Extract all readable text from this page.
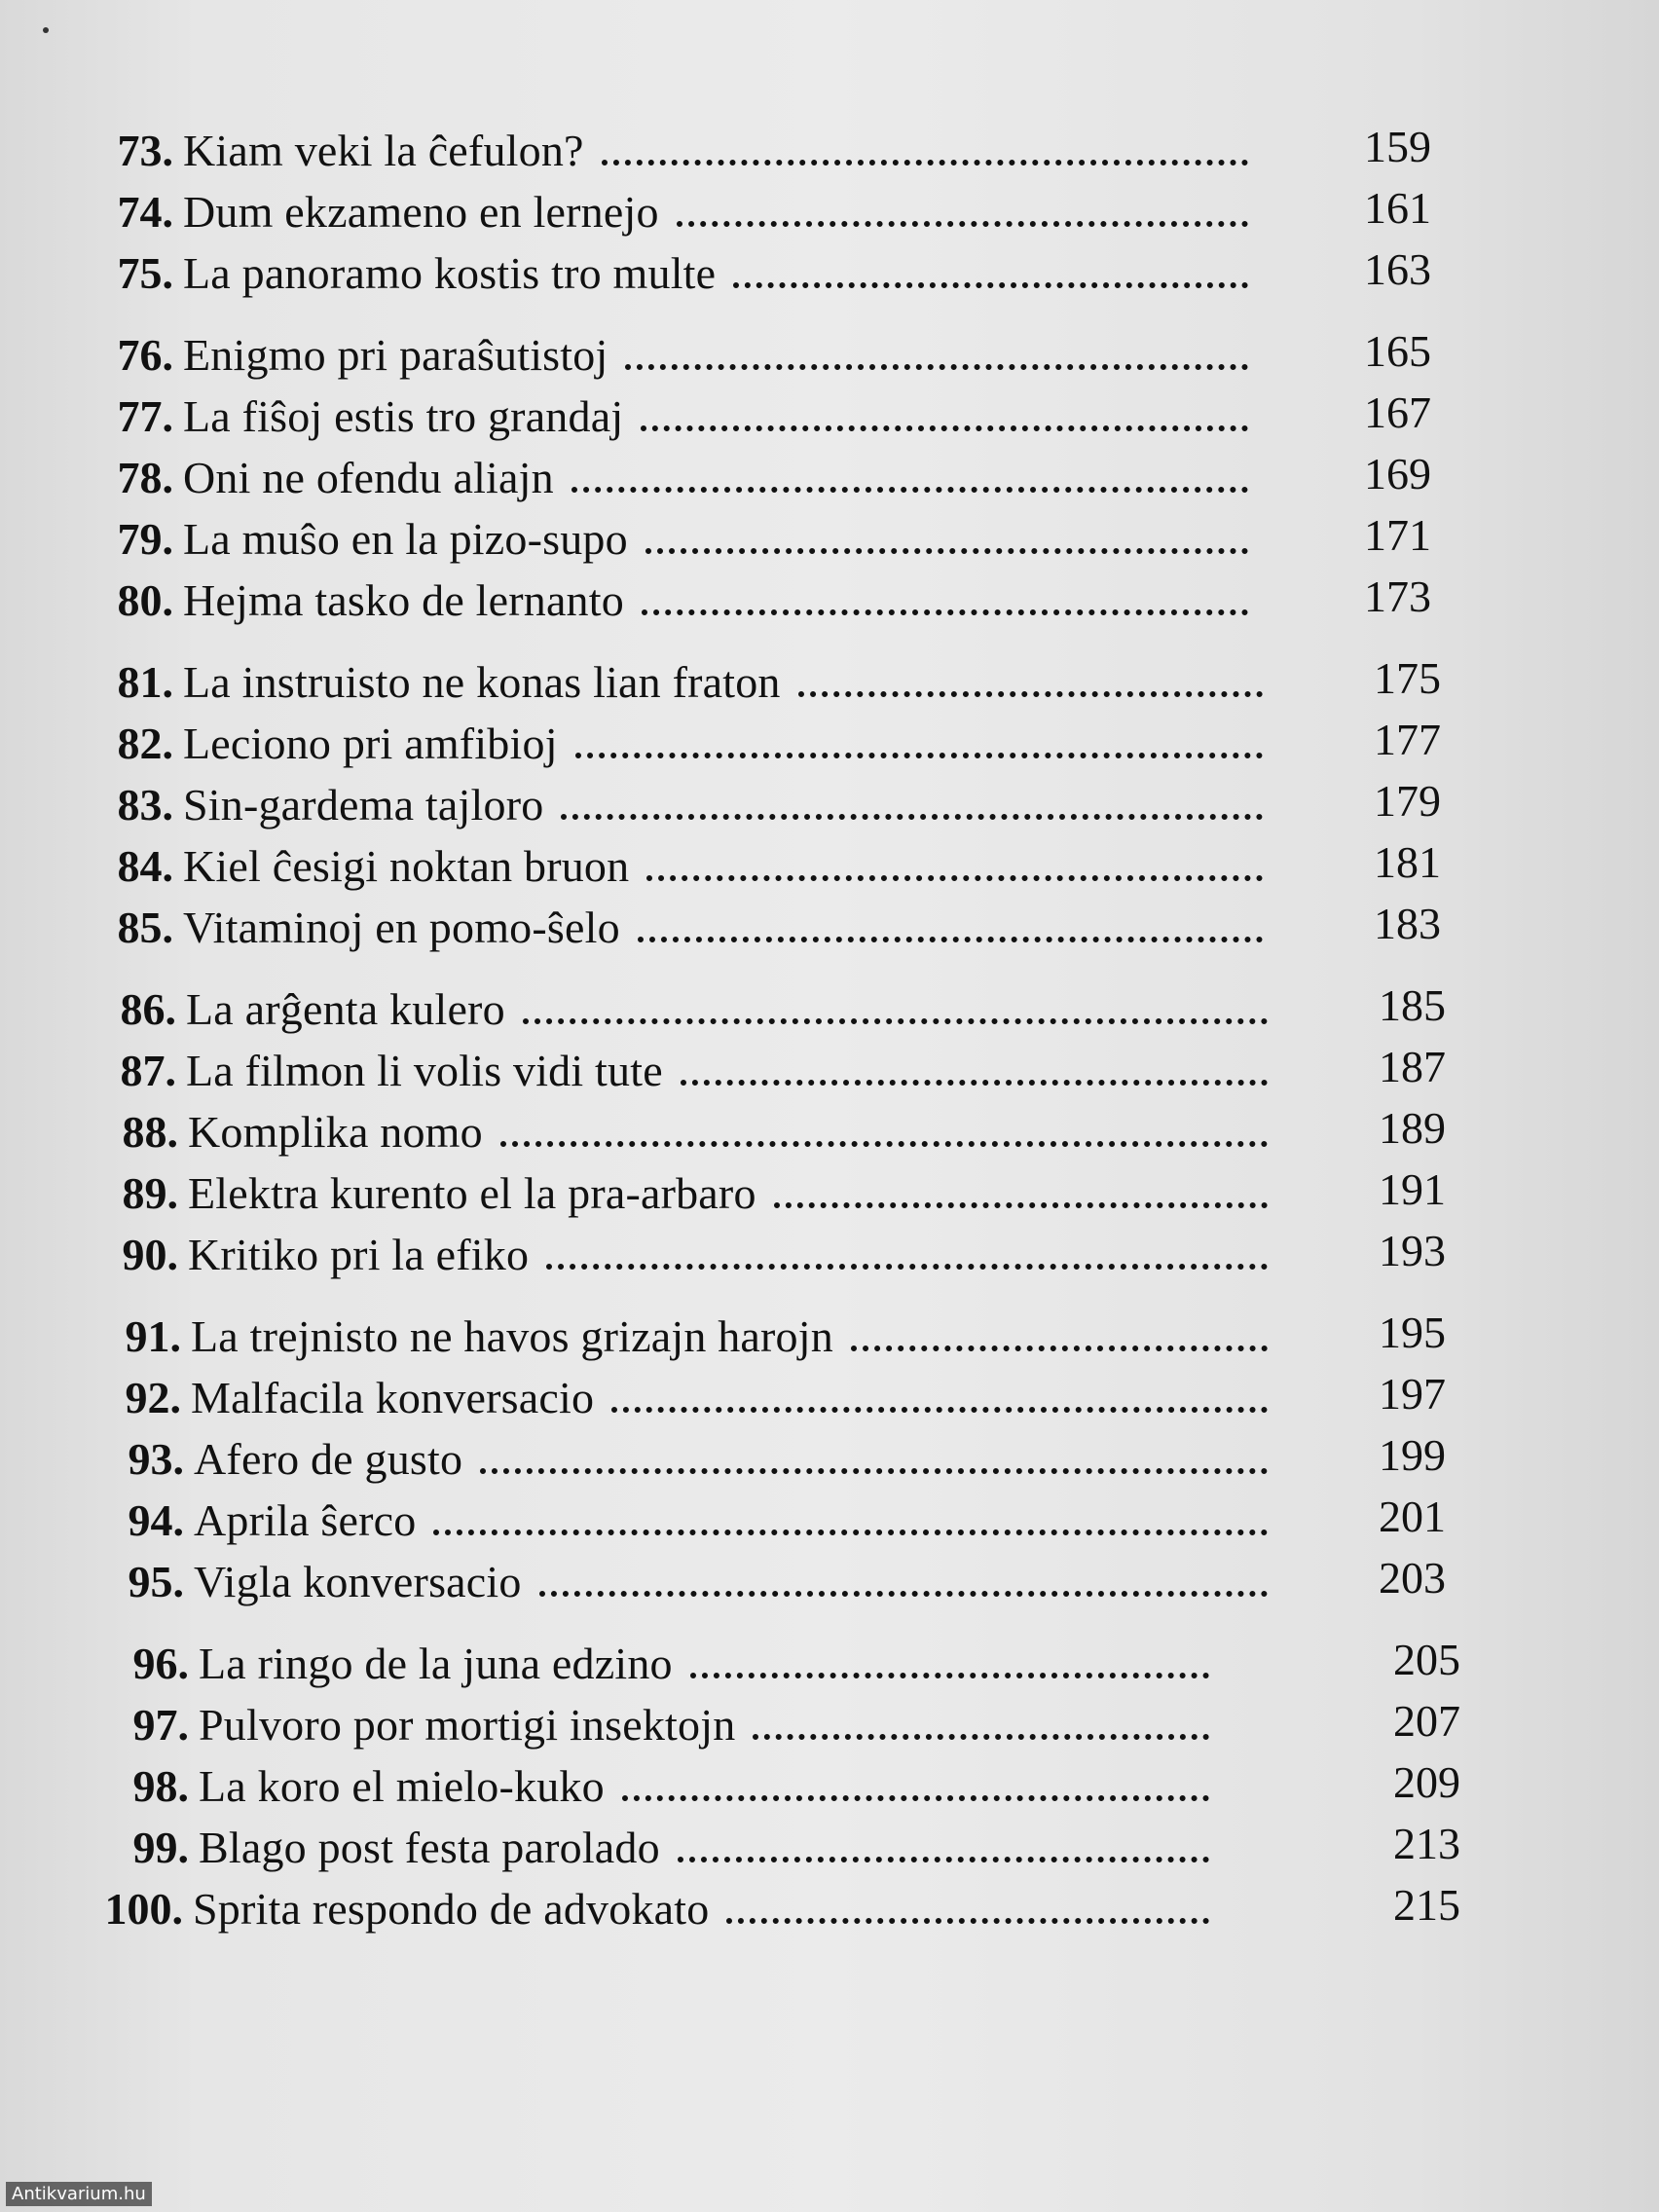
73. Kiam veki la ĉefulon?	159
74. Dum ekzameno en lernejo	161
75. La panoramo kostis tro multe	163
76. Enigmo pri paraŝutistoj	165
77. La fiŝoj estis tro grandaj	167
78. Oni ne ofendu aliajn	169
79. La muŝo en la pizo-supo	171
80. Hejma tasko de lernanto	173
81. La instruisto ne konas lian fraton	175
82. Leciono pri amfibioj	177
83. Sin-gardema tajloro	179
84. Kiel ĉesigi noktan bruon	181
85. Vitaminoj en pomo-ŝelo	183
86. La arĝenta kulero	185
87. La filmon li volis vidi tute	187
88. Komplika nomo	189
89. Elektra kurento el la pra-arbaro	191
90. Kritiko pri la efiko	193
91. La trejnisto ne havos grizajn harojn	195
92. Malfacila konversacio	197
93. Afero de gusto	199
94. Aprila ŝerco	201
95. Vigla konversacio	203
96. La ringo de la juna edzino	205
97. Pulvoro por mortigi insektojn	207
98. La koro el mielo-kuko	209
99. Blago post festa parolado	213
100. Sprita respondo de advokato	215
Antikvarium.hu
